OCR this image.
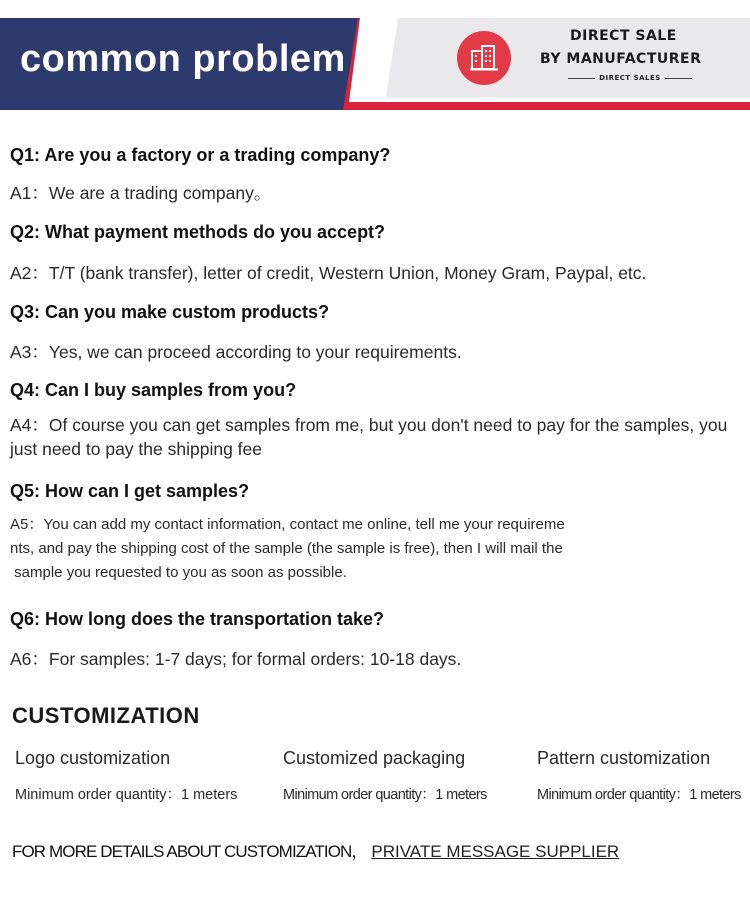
common problem
DIRECT SALE
BY MANUFACTURER
DIRECT SALES
Q1: Are you a factory or a trading company?
A1：We are a trading company。
Q2: What payment methods do you accept?
A2：T/T (bank transfer), letter of credit, Western Union, Money Gram, Paypal, etc.
Q3: Can you make custom products?
A3：Yes, we can proceed according to your requirements.
Q4: Can I buy samples from you?
A4：Of course you can get samples from me, but you don't need to pay for the samples, you just need to pay the shipping fee
Q5: How can I get samples?
A5：You can add my contact information, contact me online, tell me your requireme
nts, and pay the shipping cost of the sample (the sample is free), then I will mail the
sample you requested to you as soon as possible.
Q6: How long does the transportation take?
A6：For samples: 1-7 days; for formal orders: 10-18 days.
CUSTOMIZATION
Logo customization
Minimum order quantity：1 meters
Customized packaging
Minimum order quantity：1 meters
Pattern customization
Minimum order quantity：1 meters
FOR MORE DETAILS ABOUT CUSTOMIZATION， PRIVATE MESSAGE SUPPLIER
